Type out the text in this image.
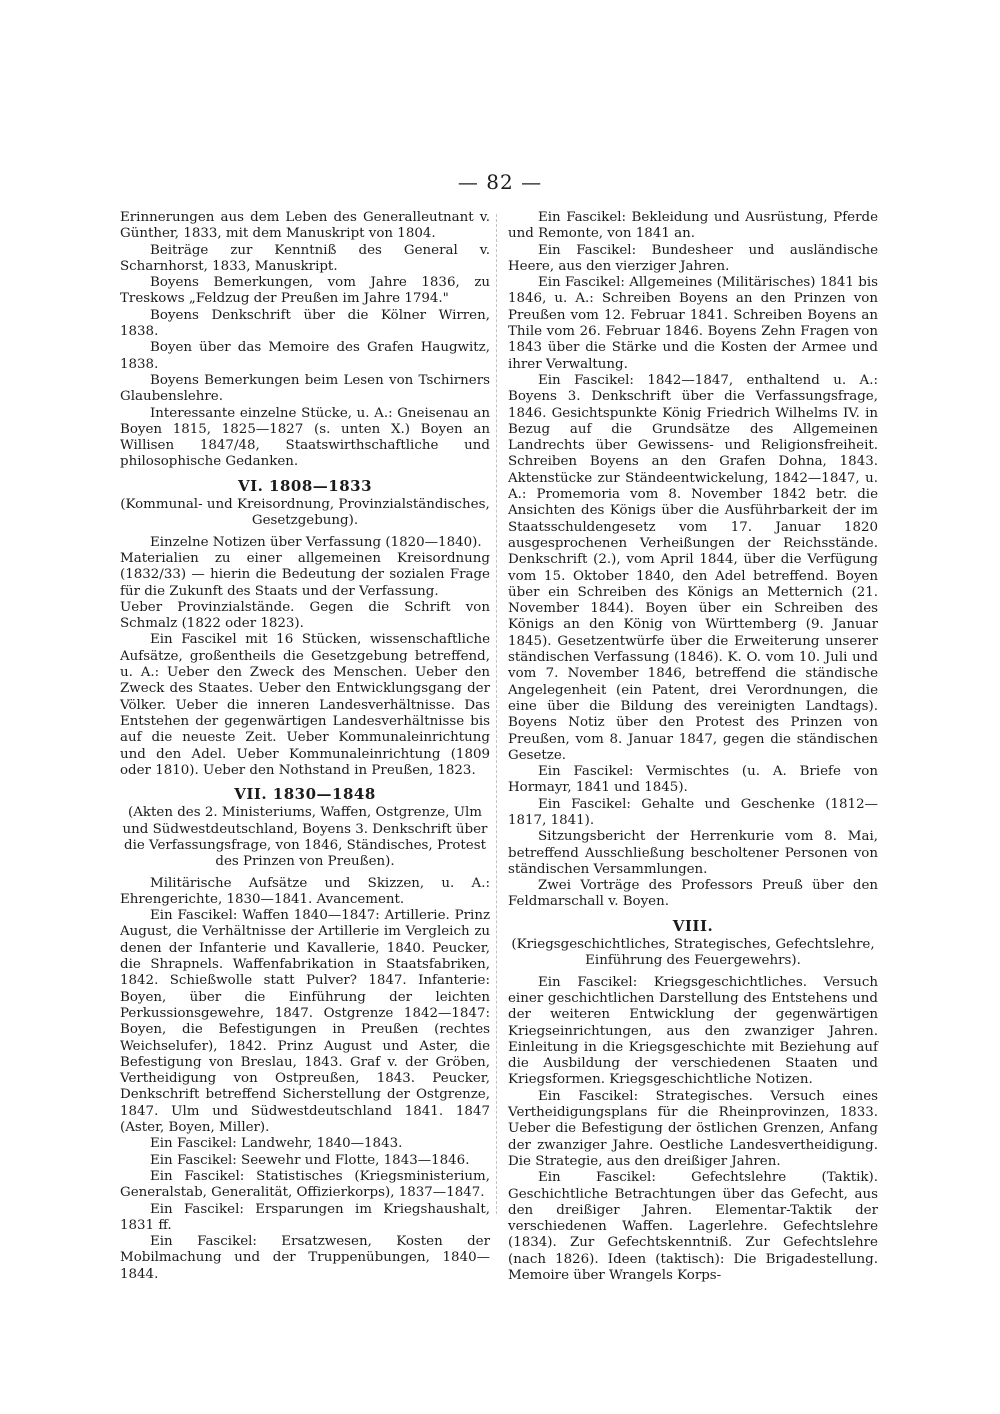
— 82 —

Erinnerungen aus dem Leben des Generalleutnant v. Günther, 1833, mit dem Manuskript von 1804.

Beiträge zur Kenntniß des General v. Scharnhorst, 1833, Manuskript.

Boyens Bemerkungen, vom Jahre 1836, zu Treskows „Feldzug der Preußen im Jahre 1794."

Boyens Denkschrift über die Kölner Wirren, 1838.

Boyen über das Memoire des Grafen Haugwitz, 1838.

Boyens Bemerkungen beim Lesen von Tschirners Glaubenslehre.

Interessante einzelne Stücke, u. A.: Gneisenau an Boyen 1815, 1825—1827 (s. unten X.) Boyen an Willisen 1847/48, Staatswirthschaftliche und philosophische Gedanken.

VI. 1808—1833

(Kommunal- und Kreisordnung, Provinzialständisches, Gesetzgebung).

Einzelne Notizen über Verfassung (1820—1840).

Materialien zu einer allgemeinen Kreisordnung (1832/33) — hierin die Bedeutung der sozialen Frage für die Zukunft des Staats und der Verfassung.

Ueber Provinzialstände. Gegen die Schrift von Schmalz (1822 oder 1823).

Ein Fascikel mit 16 Stücken, wissenschaftliche Aufsätze, großentheils die Gesetzgebung betreffend, u. A.: Ueber den Zweck des Menschen. Ueber den Zweck des Staates. Ueber den Entwicklungsgang der Völker. Ueber die inneren Landesverhältnisse. Das Entstehen der gegenwärtigen Landesverhältnisse bis auf die neueste Zeit. Ueber Kommunaleinrichtung und den Adel. Ueber Kommunaleinrichtung (1809 oder 1810). Ueber den Nothstand in Preußen, 1823.

VII. 1830—1848

(Akten des 2. Ministeriums, Waffen, Ostgrenze, Ulm und Südwestdeutschland, Boyens 3. Denkschrift über die Verfassungsfrage, von 1846, Ständisches, Protest des Prinzen von Preußen).

Militärische Aufsätze und Skizzen, u. A.: Ehrengerichte, 1830—1841. Avancement.

Ein Fascikel: Waffen 1840—1847: Artillerie. Prinz August, die Verhältnisse der Artillerie im Vergleich zu denen der Infanterie und Kavallerie, 1840. Peucker, die Shrapnels. Waffenfabrikation in Staatsfabriken, 1842. Schießwolle statt Pulver? 1847. Infanterie: Boyen, über die Einführung der leichten Perkussionsgewehre, 1847. Ostgrenze 1842—1847: Boyen, die Befestigungen in Preußen (rechtes Weichselufer), 1842. Prinz August und Aster, die Befestigung von Breslau, 1843. Graf v. der Gröben, Vertheidigung von Ostpreußen, 1843. Peucker, Denkschrift betreffend Sicherstellung der Ostgrenze, 1847. Ulm und Südwestdeutschland 1841. 1847 (Aster, Boyen, Miller).

Ein Fascikel: Landwehr, 1840—1843.

Ein Fascikel: Seewehr und Flotte, 1843—1846.

Ein Fascikel: Statistisches (Kriegsministerium, Generalstab, Generalität, Offizierkorps), 1837—1847.

Ein Fascikel: Ersparungen im Kriegshaushalt, 1831 ff.

Ein Fascikel: Ersatzwesen, Kosten der Mobilmachung und der Truppenübungen, 1840—1844.

Ein Fascikel: Bekleidung und Ausrüstung, Pferde und Remonte, von 1841 an.

Ein Fascikel: Bundesheer und ausländische Heere, aus den vierziger Jahren.

Ein Fascikel: Allgemeines (Militärisches) 1841 bis 1846, u. A.: Schreiben Boyens an den Prinzen von Preußen vom 12. Februar 1841. Schreiben Boyens an Thile vom 26. Februar 1846. Boyens Zehn Fragen von 1843 über die Stärke und die Kosten der Armee und ihrer Verwaltung.

Ein Fascikel: 1842—1847, enthaltend u. A.: Boyens 3. Denkschrift über die Verfassungsfrage, 1846. Gesichtspunkte König Friedrich Wilhelms IV. in Bezug auf die Grundsätze des Allgemeinen Landrechts über Gewissens- und Religionsfreiheit. Schreiben Boyens an den Grafen Dohna, 1843. Aktenstücke zur Ständeentwickelung, 1842—1847, u. A.: Promemoria vom 8. November 1842 betr. die Ansichten des Königs über die Ausführbarkeit der im Staatsschuldengesetz vom 17. Januar 1820 ausgesprochenen Verheißungen der Reichsstände. Denkschrift (2.), vom April 1844, über die Verfügung vom 15. Oktober 1840, den Adel betreffend. Boyen über ein Schreiben des Königs an Metternich (21. November 1844). Boyen über ein Schreiben des Königs an den König von Württemberg (9. Januar 1845). Gesetzentwürfe über die Erweiterung unserer ständischen Verfassung (1846). K. O. vom 10. Juli und vom 7. November 1846, betreffend die ständische Angelegenheit (ein Patent, drei Verordnungen, die eine über die Bildung des vereinigten Landtags). Boyens Notiz über den Protest des Prinzen von Preußen, vom 8. Januar 1847, gegen die ständischen Gesetze.

Ein Fascikel: Vermischtes (u. A. Briefe von Hormayr, 1841 und 1845).

Ein Fascikel: Gehalte und Geschenke (1812—1817, 1841).

Sitzungsbericht der Herrenkurie vom 8. Mai, betreffend Ausschließung bescholtener Personen von ständischen Versammlungen.

Zwei Vorträge des Professors Preuß über den Feldmarschall v. Boyen.

VIII.

(Kriegsgeschichtliches, Strategisches, Gefechtslehre, Einführung des Feuergewehrs).

Ein Fascikel: Kriegsgeschichtliches. Versuch einer geschichtlichen Darstellung des Entstehens und der weiteren Entwicklung der gegenwärtigen Kriegseinrichtungen, aus den zwanziger Jahren. Einleitung in die Kriegsgeschichte mit Beziehung auf die Ausbildung der verschiedenen Staaten und Kriegsformen. Kriegsgeschichtliche Notizen.

Ein Fascikel: Strategisches. Versuch eines Vertheidigungsplans für die Rheinprovinzen, 1833. Ueber die Befestigung der östlichen Grenzen, Anfang der zwanziger Jahre. Oestliche Landesvertheidigung. Die Strategie, aus den dreißiger Jahren.

Ein Fascikel: Gefechtslehre (Taktik). Geschichtliche Betrachtungen über das Gefecht, aus den dreißiger Jahren. Elementar-Taktik der verschiedenen Waffen. Lagerlehre. Gefechtslehre (1834). Zur Gefechtskenntniß. Zur Gefechtslehre (nach 1826). Ideen (taktisch): Die Brigadestellung. Memoire über Wrangels Korps-
